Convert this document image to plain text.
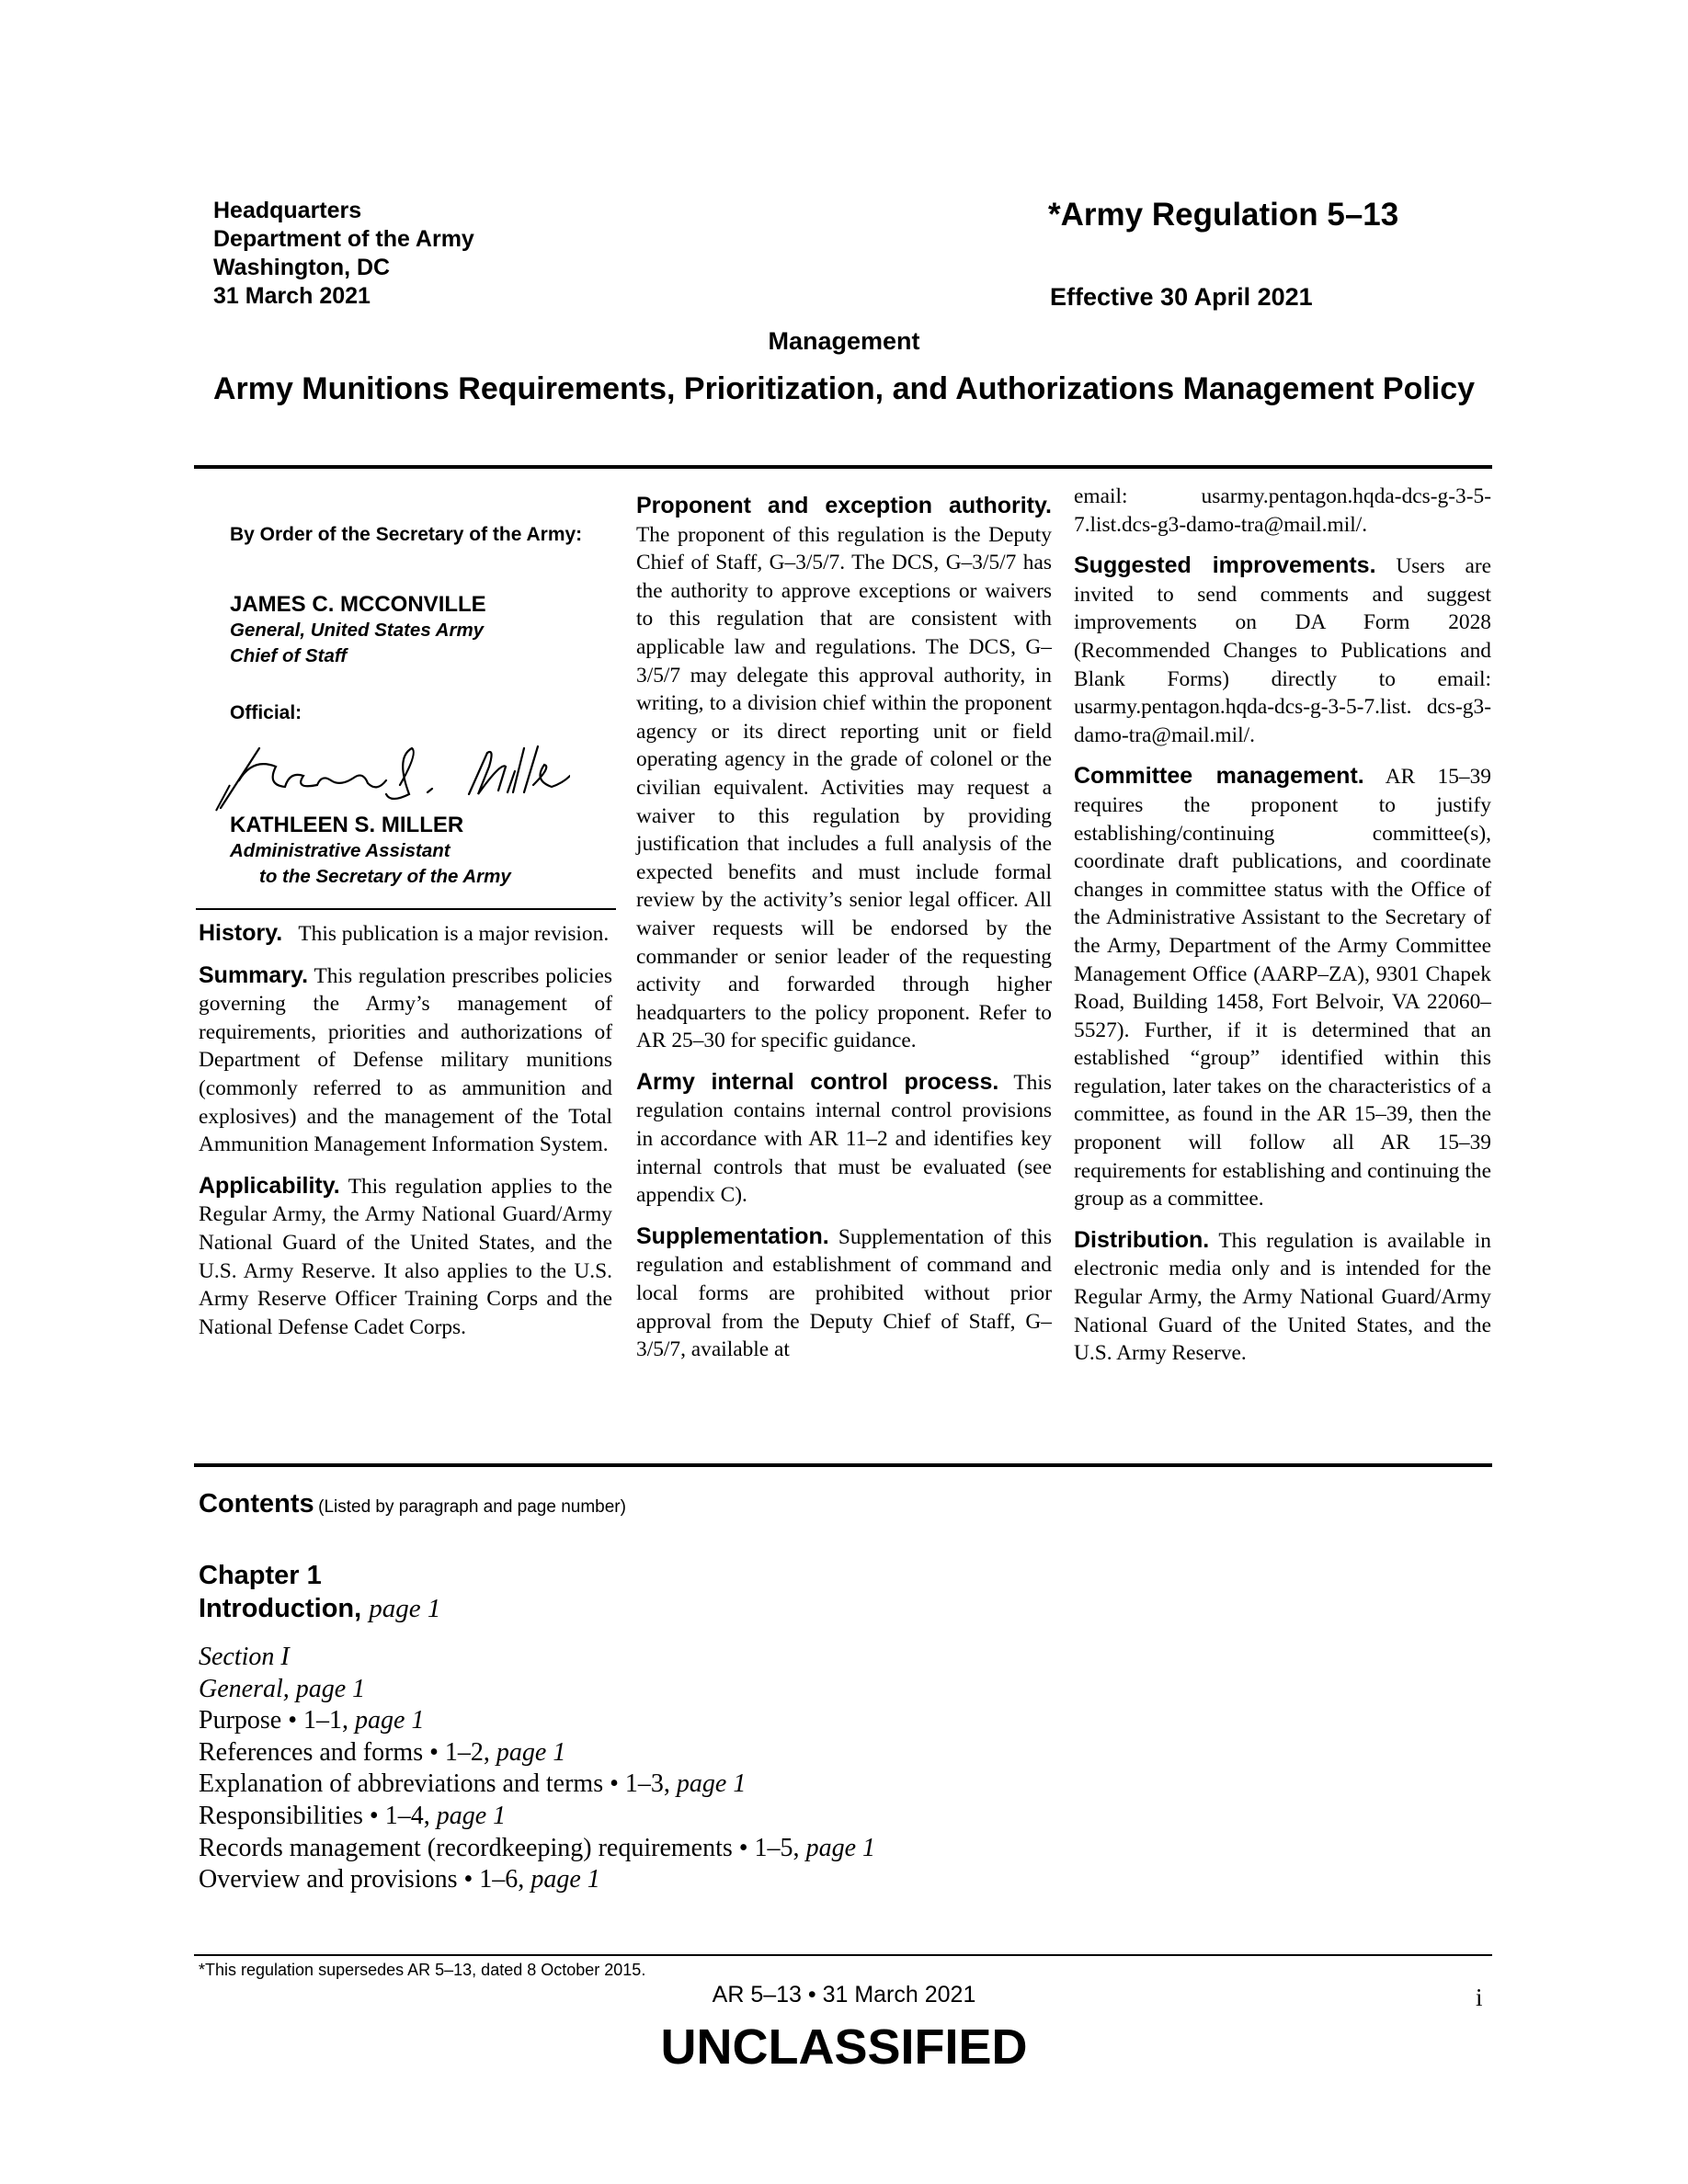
Headquarters
Department of the Army
Washington, DC
31 March 2021
*Army Regulation 5–13
Effective 30 April 2021
Management
Army Munitions Requirements, Prioritization, and Authorizations Management Policy
By Order of the Secretary of the Army:
JAMES C. MCCONVILLE
General, United States Army
Chief of Staff
Official:
KATHLEEN S. MILLER
Administrative Assistant
to the Secretary of the Army

History. This publication is a major revision.

Summary. This regulation prescribes policies governing the Army’s management of requirements, priorities and authorizations of Department of Defense military munitions (commonly referred to as ammunition and explosives) and the management of the Total Ammunition Management Information System.

Applicability. This regulation applies to the Regular Army, the Army National Guard/Army National Guard of the United States, and the U.S. Army Reserve. It also applies to the U.S. Army Reserve Officer Training Corps and the National Defense Cadet Corps.

Proponent and exception authority. The proponent of this regulation is the Deputy Chief of Staff, G–3/5/7. The DCS, G–3/5/7 has the authority to approve exceptions or waivers to this regulation that are consistent with applicable law and regulations. The DCS, G–3/5/7 may delegate this approval authority, in writing, to a division chief within the proponent agency or its direct reporting unit or field operating agency in the grade of colonel or the civilian equivalent. Activities may request a waiver to this regulation by providing justification that includes a full analysis of the expected benefits and must include formal review by the activity’s senior legal officer. All waiver requests will be endorsed by the commander or senior leader of the requesting activity and forwarded through higher headquarters to the policy proponent. Refer to AR 25–30 for specific guidance.

Army internal control process. This regulation contains internal control provisions in accordance with AR 11–2 and identifies key internal controls that must be evaluated (see appendix C).

Supplementation. Supplementation of this regulation and establishment of command and local forms are prohibited without prior approval from the Deputy Chief of Staff, G–3/5/7, available at

email: usarmy.pentagon.hqda-dcs-g-3-5-7.list.dcs-g3-damo-tra@mail.mil/.

Suggested improvements. Users are invited to send comments and suggest improvements on DA Form 2028 (Recommended Changes to Publications and Blank Forms) directly to email: usarmy.pentagon.hqda-dcs-g-3-5-7.list. dcs-g3-damo-tra@mail.mil/.

Committee management. AR 15–39 requires the proponent to justify establishing/continuing committee(s), coordinate draft publications, and coordinate changes in committee status with the Office of the Administrative Assistant to the Secretary of the Army, Department of the Army Committee Management Office (AARP–ZA), 9301 Chapek Road, Building 1458, Fort Belvoir, VA 22060–5527). Further, if it is determined that an established “group” identified within this regulation, later takes on the characteristics of a committee, as found in the AR 15–39, then the proponent will follow all AR 15–39 requirements for establishing and continuing the group as a committee.

Distribution. This regulation is available in electronic media only and is intended for the Regular Army, the Army National Guard/Army National Guard of the United States, and the U.S. Army Reserve.

Contents (Listed by paragraph and page number)
Chapter 1
Introduction, page 1
Section I
General, page 1
Purpose • 1–1, page 1
References and forms • 1–2, page 1
Explanation of abbreviations and terms • 1–3, page 1
Responsibilities • 1–4, page 1
Records management (recordkeeping) requirements • 1–5, page 1
Overview and provisions • 1–6, page 1
*This regulation supersedes AR 5–13, dated 8 October 2015.
AR 5–13 • 31 March 2021	i
UNCLASSIFIED
